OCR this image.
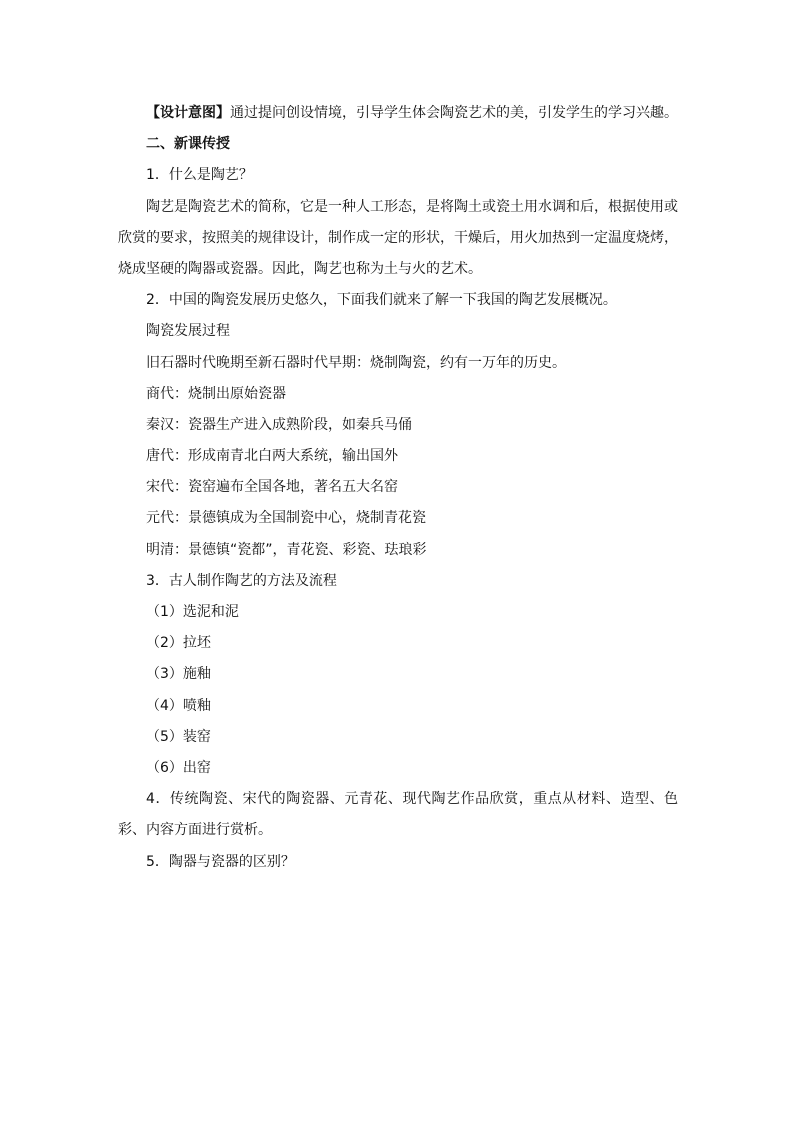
【设计意图】通过提问创设情境，引导学生体会陶瓷艺术的美，引发学生的学习兴趣。
二、新课传授
1．什么是陶艺？

陶艺是陶瓷艺术的简称，它是一种人工形态，是将陶土或瓷土用水调和后，根据使用或欣赏的要求，按照美的规律设计，制作成一定的形状，干燥后，用火加热到一定温度烧烤，烧成坚硬的陶器或瓷器。因此，陶艺也称为土与火的艺术。

2．中国的陶瓷发展历史悠久，下面我们就来了解一下我国的陶艺发展概况。
陶瓷发展过程
旧石器时代晚期至新石器时代早期：烧制陶瓷，约有一万年的历史。
商代：烧制出原始瓷器
秦汉：瓷器生产进入成熟阶段，如秦兵马俑
唐代：形成南青北白两大系统，输出国外
宋代：瓷窑遍布全国各地，著名五大名窑
元代：景德镇成为全国制瓷中心，烧制青花瓷
明清：景德镇“瓷都”，青花瓷、彩瓷、珐琅彩
3．古人制作陶艺的方法及流程
（1）选泥和泥
（2）拉坯
（3）施釉
（4）喷釉
（5）装窑
（6）出窑

4．传统陶瓷、宋代的陶瓷器、元青花、现代陶艺作品欣赏，重点从材料、造型、色彩、内容方面进行赏析。

5．陶器与瓷器的区别？
